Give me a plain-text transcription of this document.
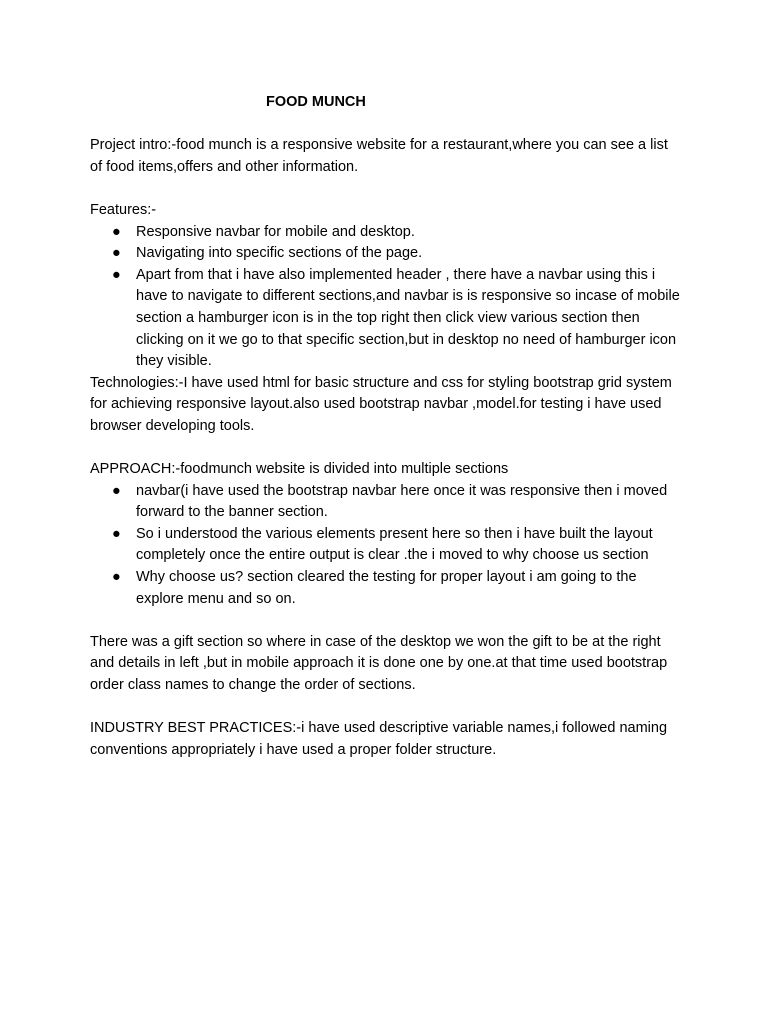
FOOD MUNCH

Project intro:-food munch is a responsive website for a restaurant,where you can see a list of food items,offers and other information.

Features:-

● Responsive navbar for mobile and desktop.
● Navigating into specific sections of the page.
● Apart from that i have also implemented header , there have a navbar using this i have to navigate to different sections,and navbar is is responsive so incase of mobile section a hamburger icon is in the top right then click view various section then clicking on it we go to that specific section,but in desktop no need of hamburger icon they visible.

Technologies:-I have used html for basic structure and css for styling bootstrap grid system for achieving responsive layout.also used bootstrap navbar ,model.for testing i have used browser developing tools.

APPROACH:-foodmunch website is divided into multiple sections

● navbar(i have used the bootstrap navbar here once it was responsive then i moved forward to the banner section.
● So i understood the various elements present here so then i have built the layout completely once the entire output is clear .the i moved to why choose us section
● Why choose us? section cleared the testing for proper layout i am going to the explore menu and so on.

There was a gift section so where in case of the desktop we won the gift to be at the right and details in left ,but in mobile approach it is done one by one.at that time used bootstrap order class names to change the order of sections.

INDUSTRY BEST PRACTICES:-i have used descriptive variable names,i followed naming conventions appropriately i have used a proper folder structure.
